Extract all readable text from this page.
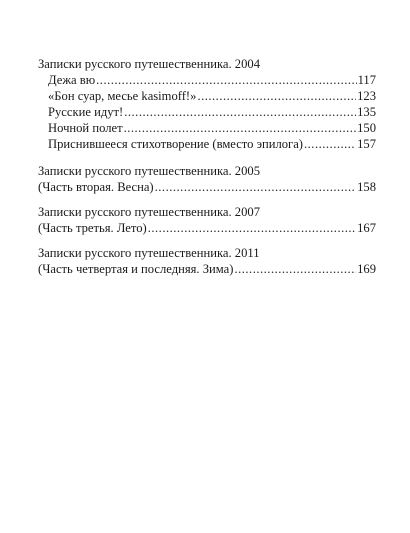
Записки русского путешественника. 2004
Дежа вю .....	117
«Бон суар, месье kasimoff!» .....	123
Русские идут! .....	135
Ночной полет .....	150
Приснившееся стихотворение (вместо эпилога) .....	157
Записки русского путешественника. 2005
(Часть вторая. Весна) .....	158
Записки русского путешественника. 2007
(Часть третья. Лето) .....	167
Записки русского путешественника. 2011
(Часть четвертая и последняя. Зима) .....	169
